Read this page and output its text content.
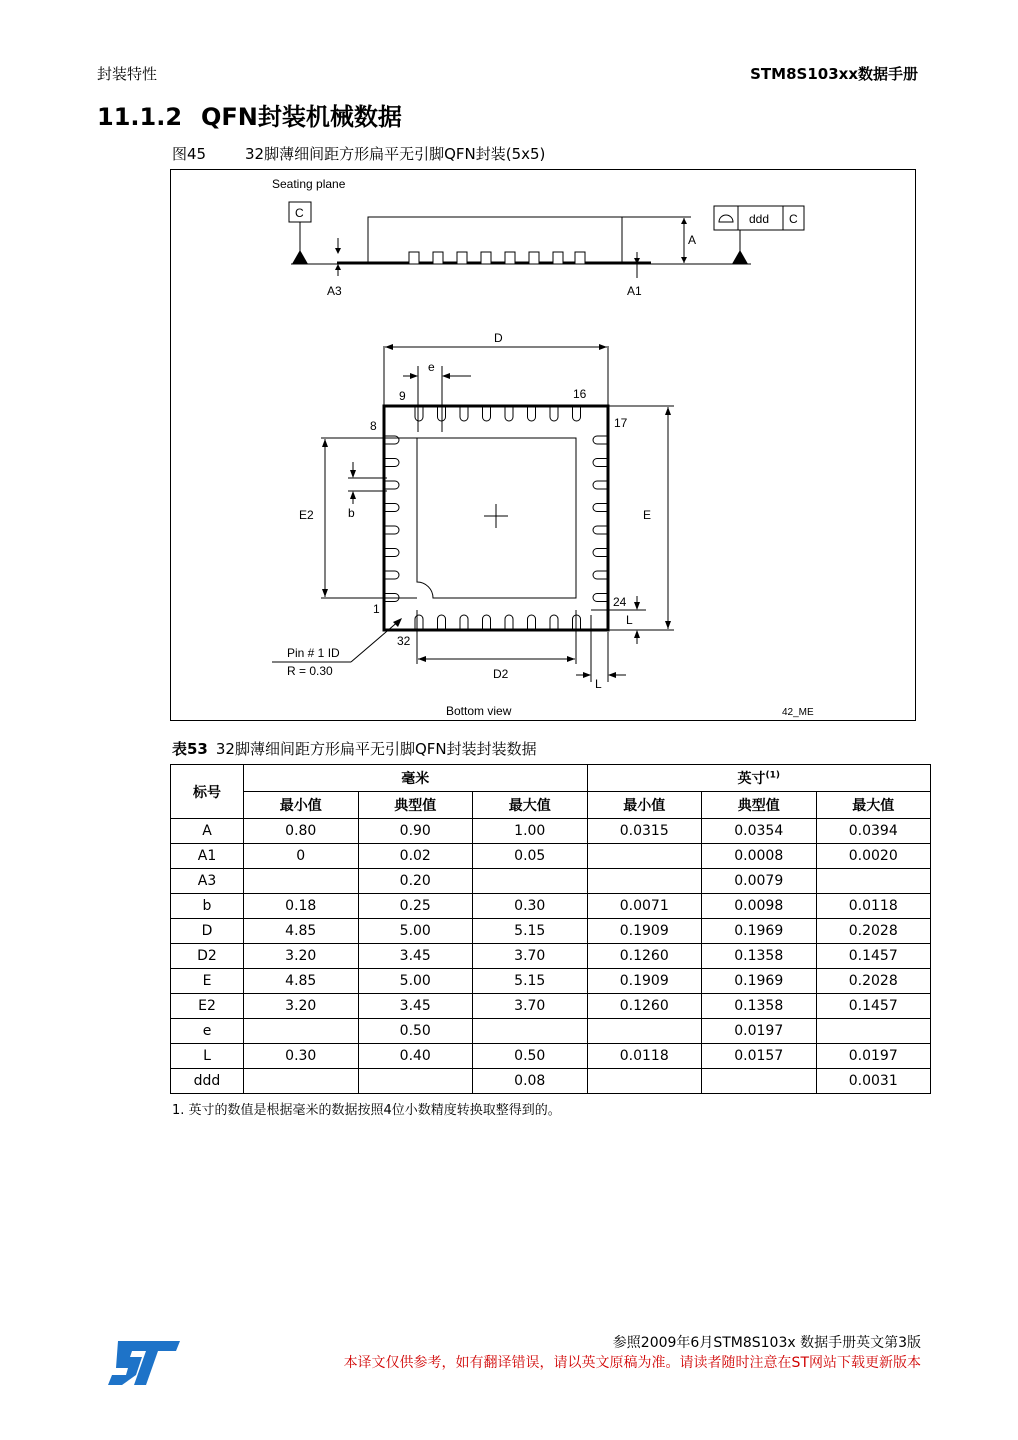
封装特性	STM8S103xx数据手册
11.1.2 QFN封装机械数据
图45	32脚薄细间距方形扁平无引脚QFN封装(5x5)
Seating plane
C
A3	A1
A
ddd C
D
e
9	16
8	17
1	24
32
E2	b	E
L
D2
L
Pin # 1 ID
R = 0.30
Bottom view	42_ME
表53 32脚薄细间距方形扁平无引脚QFN封装封装数据
标号	毫米			英寸$^{(1)}$
	最小值	典型值	最大值	最小值	典型值	最大值
A	0.80	0.90	1.00	0.0315	0.0354	0.0394
A1	0	0.02	0.05		0.0008	0.0020
A3		0.20			0.0079	
b	0.18	0.25	0.30	0.0071	0.0098	0.0118
D	4.85	5.00	5.15	0.1909	0.1969	0.2028
D2	3.20	3.45	3.70	0.1260	0.1358	0.1457
E	4.85	5.00	5.15	0.1909	0.1969	0.2028
E2	3.20	3.45	3.70	0.1260	0.1358	0.1457
e		0.50			0.0197	
L	0.30	0.40	0.50	0.0118	0.0157	0.0197
ddd			0.08			0.0031
1. 英寸的数值是根据毫米的数据按照4位小数精度转换取整得到的。
参照2009年6月STM8S103x 数据手册英文第3版
本译文仅供参考，如有翻译错误，请以英文原稿为准。请读者随时注意在ST网站下载更新版本
